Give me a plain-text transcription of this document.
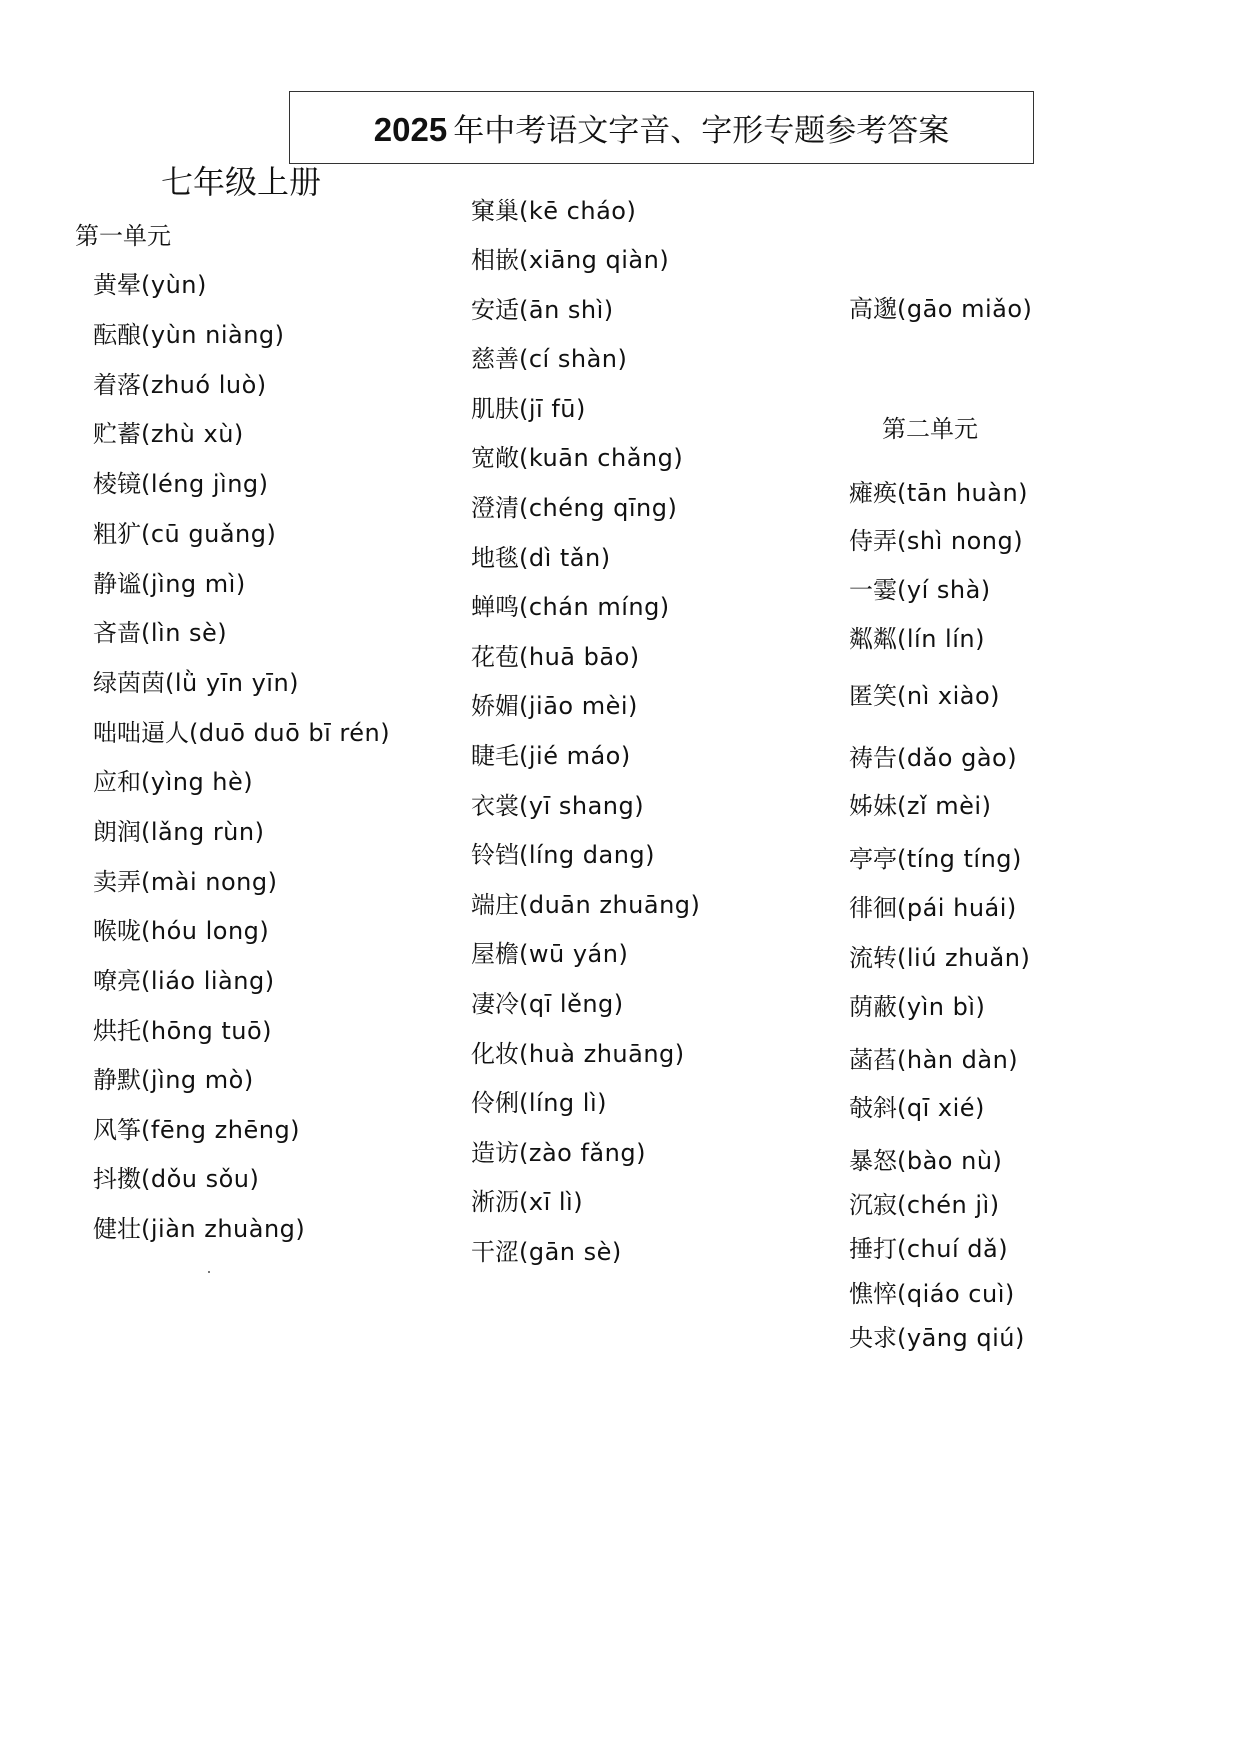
2025 年中考语文字音、字形专题参考答案
七年级上册
第一单元
黄晕(yùn)
酝酿(yùn niàng)
着落(zhuó luò)
贮蓄(zhù xù)
棱镜(léng jìng)
粗犷(cū guǎng)
静谧(jìng mì)
吝啬(lìn sè)
绿茵茵(lǜ yīn yīn)
咄咄逼人(duō duō bī rén)
应和(yìng hè)
朗润(lǎng rùn)
卖弄(mài nong)
喉咙(hóu long)
嘹亮(liáo liàng)
烘托(hōng tuō)
静默(jìng mò)
风筝(fēng zhēng)
抖擞(dǒu sǒu)
健壮(jiàn zhuàng)
窠巢(kē cháo)
相嵌(xiāng qiàn)
安适(ān shì)
慈善(cí shàn)
肌肤(jī fū)
宽敞(kuān chǎng)
澄清(chéng qīng)
地毯(dì tǎn)
蝉鸣(chán míng)
花苞(huā bāo)
娇媚(jiāo mèi)
睫毛(jié máo)
衣裳(yī shang)
铃铛(líng dang)
端庄(duān zhuāng)
屋檐(wū yán)
凄冷(qī lěng)
化妆(huà zhuāng)
伶俐(líng lì)
造访(zào fǎng)
淅沥(xī lì)
干涩(gān sè)
高邈(gāo miǎo)
第二单元
瘫痪(tān huàn)
侍弄(shì nong)
一霎(yí shà)
粼粼(lín lín)
匿笑(nì xiào)
祷告(dǎo gào)
姊妹(zǐ mèi)
亭亭(tíng tíng)
徘徊(pái huái)
流转(liú zhuǎn)
荫蔽(yìn bì)
菡萏(hàn dàn)
攲斜(qī xié)
暴怒(bào nù)
沉寂(chén jì)
捶打(chuí dǎ)
憔悴(qiáo cuì)
央求(yāng qiú)
